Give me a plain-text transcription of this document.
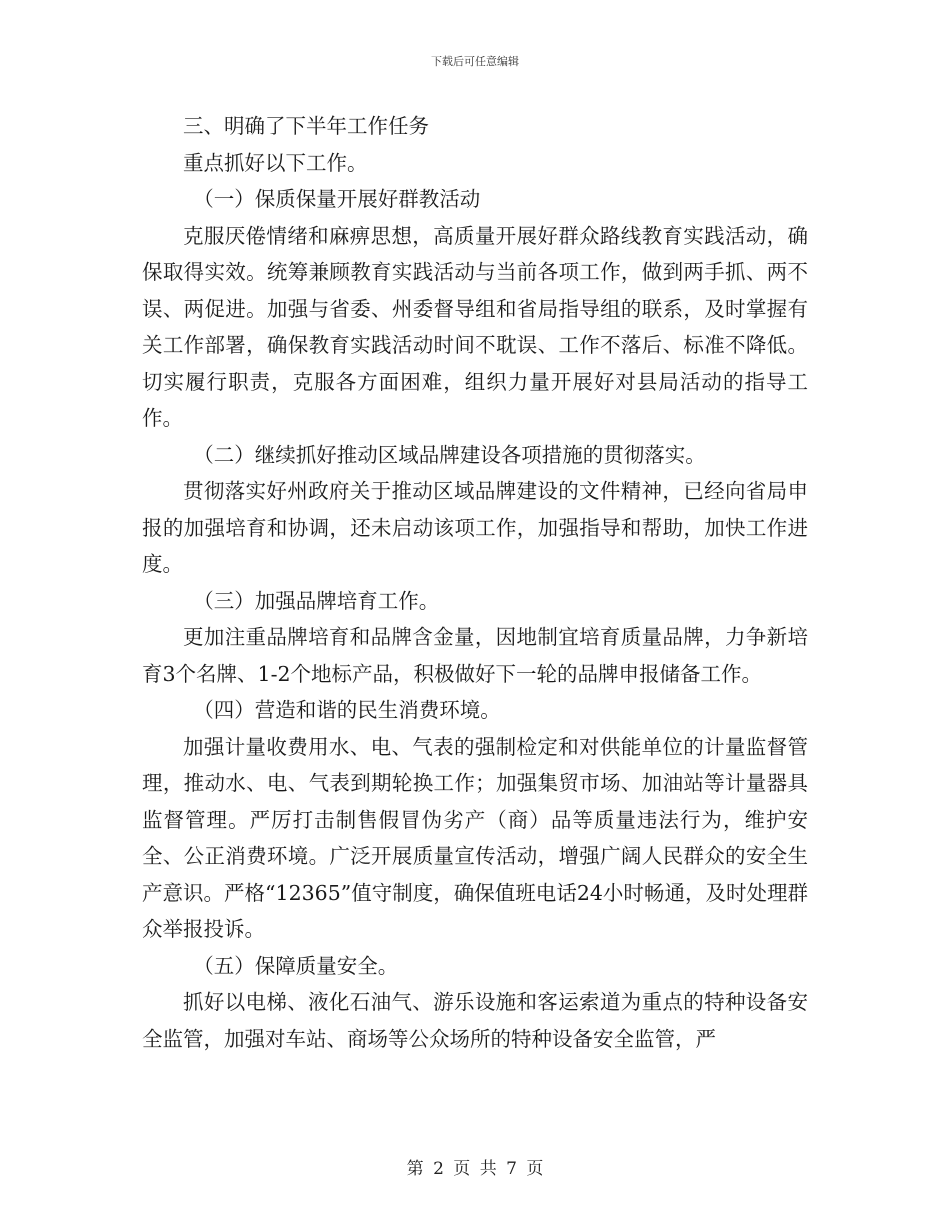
下载后可任意编辑

三、明确了下半年工作任务

重点抓好以下工作。

（一）保质保量开展好群教活动

克服厌倦情绪和麻痹思想，高质量开展好群众路线教育实践活动，确保取得实效。统筹兼顾教育实践活动与当前各项工作，做到两手抓、两不误、两促进。加强与省委、州委督导组和省局指导组的联系，及时掌握有关工作部署，确保教育实践活动时间不耽误、工作不落后、标准不降低。切实履行职责，克服各方面困难，组织力量开展好对县局活动的指导工作。

（二）继续抓好推动区域品牌建设各项措施的贯彻落实。

贯彻落实好州政府关于推动区域品牌建设的文件精神，已经向省局申报的加强培育和协调，还未启动该项工作，加强指导和帮助，加快工作进度。

（三）加强品牌培育工作。

更加注重品牌培育和品牌含金量，因地制宜培育质量品牌，力争新培育3个名牌、1-2个地标产品，积极做好下一轮的品牌申报储备工作。

（四）营造和谐的民生消费环境。

加强计量收费用水、电、气表的强制检定和对供能单位的计量监督管理，推动水、电、气表到期轮换工作；加强集贸市场、加油站等计量器具监督管理。严厉打击制售假冒伪劣产（商）品等质量违法行为，维护安全、公正消费环境。广泛开展质量宣传活动，增强广阔人民群众的安全生产意识。严格“12365”值守制度，确保值班电话24小时畅通，及时处理群众举报投诉。

（五）保障质量安全。

抓好以电梯、液化石油气、游乐设施和客运索道为重点的特种设备安全监管，加强对车站、商场等公众场所的特种设备安全监管，严

第 2 页 共 7 页
